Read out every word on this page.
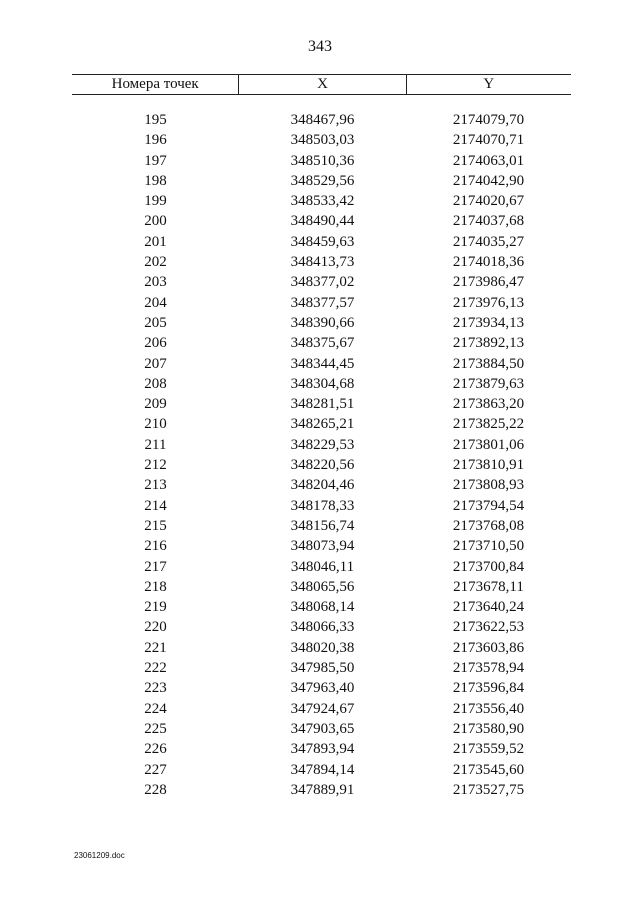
343
Номера точек	X	Y
195	348467,96	2174079,70
196	348503,03	2174070,71
197	348510,36	2174063,01
198	348529,56	2174042,90
199	348533,42	2174020,67
200	348490,44	2174037,68
201	348459,63	2174035,27
202	348413,73	2174018,36
203	348377,02	2173986,47
204	348377,57	2173976,13
205	348390,66	2173934,13
206	348375,67	2173892,13
207	348344,45	2173884,50
208	348304,68	2173879,63
209	348281,51	2173863,20
210	348265,21	2173825,22
211	348229,53	2173801,06
212	348220,56	2173810,91
213	348204,46	2173808,93
214	348178,33	2173794,54
215	348156,74	2173768,08
216	348073,94	2173710,50
217	348046,11	2173700,84
218	348065,56	2173678,11
219	348068,14	2173640,24
220	348066,33	2173622,53
221	348020,38	2173603,86
222	347985,50	2173578,94
223	347963,40	2173596,84
224	347924,67	2173556,40
225	347903,65	2173580,90
226	347893,94	2173559,52
227	347894,14	2173545,60
228	347889,91	2173527,75
23061209.doc
